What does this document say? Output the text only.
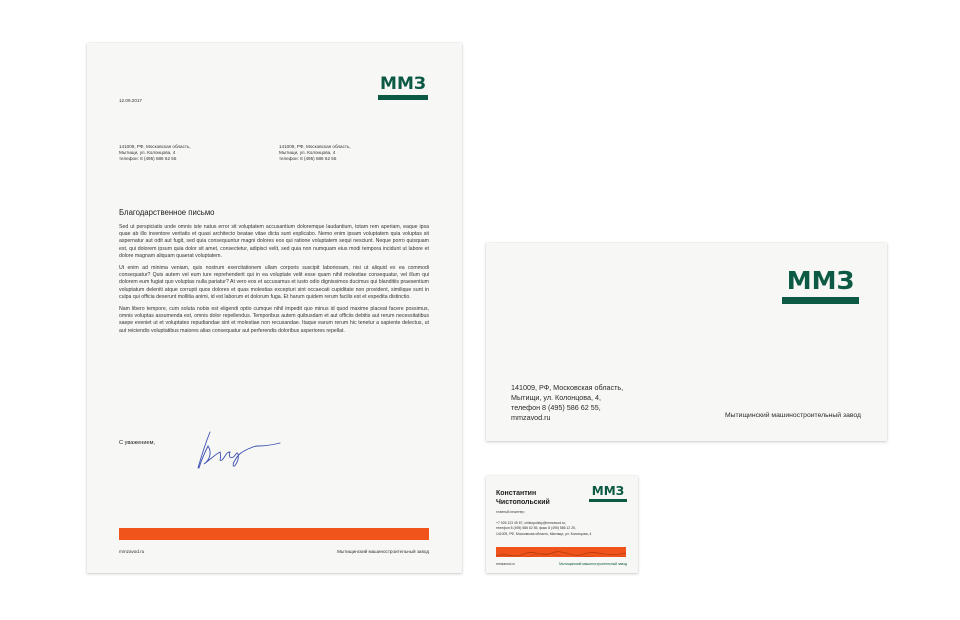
ММЗ
12.09.2017
141009, РФ, Московская область,
Мытищи, ул. Колонцова, 4
телефон: 8 (495) 586 62 55
141009, РФ, Московская область,
Мытищи, ул. Колонцова, 4
телефон: 8 (495) 586 62 55
Благодарственное письмо

Sed ut perspiciatis unde omnis iste natus error sit voluptatem accusantium doloremque laudantium, totam rem aperiam, eaque ipsa quae ab illo inventore veritatis et quasi architecto beatae vitae dicta sunt explicabo. Nemo enim ipsam voluptatem quia voluptas sit aspernatur aut odit aut fugit, sed quia consequuntur magni dolores eos qui ratione voluptatem sequi nesciunt. Neque porro quisquam est, qui dolorem ipsum quia dolor sit amet, consectetur, adipisci velit, sed quia non numquam eius modi tempora incidunt ut labore et dolore magnam aliquam quaerat voluptatem.

Ut enim ad minima veniam, quis nostrum exercitationem ullam corporis suscipit laboriosam, nisi ut aliquid ex ea commodi consequatur? Quis autem vel eum iure reprehenderit qui in ea voluptate velit esse quam nihil molestiae consequatur, vel illum qui dolorem eum fugiat quo voluptas nulla pariatur? At vero eos et accusamus et iusto odio dignissimos ducimus qui blanditiis praesentium voluptatum deleniti atque corrupti quos dolores et quas molestias excepturi sint occaecati cupiditate non provident, similique sunt in culpa qui officia deserunt mollitia animi, id est laborum et dolorum fuga. Et harum quidem rerum facilis est et expedita distinctio.

Nam libero tempore, cum soluta nobis est eligendi optio cumque nihil impedit quo minus id quod maxime placeat facere possimus, omnis voluptas assumenda est, omnis dolor repellendus. Temporibus autem quibusdam et aut officiis debitis aut rerum necessitatibus saepe eveniet ut et voluptates repudiandae sint et molestiae non recusandae. Itaque earum rerum hic tenetur a sapiente delectus, ut aut reiciendis voluptatibus maiores alias consequatur aut perferendis doloribus asperiores repellat.

С уважением,
mmzavod.ru	Мытищинский машиностроительный завод
ММЗ
141009, РФ, Московская область,
Мытищи, ул. Колонцова, 4,
телефон 8 (495) 586 62 55,
mmzavod.ru	Мытищинский машиностроительный завод
Константин
Чистопольский
ММЗ
главный инженер
+7 926 123 45 67, chistopolsky@mmzavod.ru,
телефон 8 (495) 586 62 55, факс 8 (495) 586 12 25,
141009, РФ, Московская область, Мытищи, ул. Колонцова, 4
mmzavod.ru	Мытищинский машиностроительный завод
